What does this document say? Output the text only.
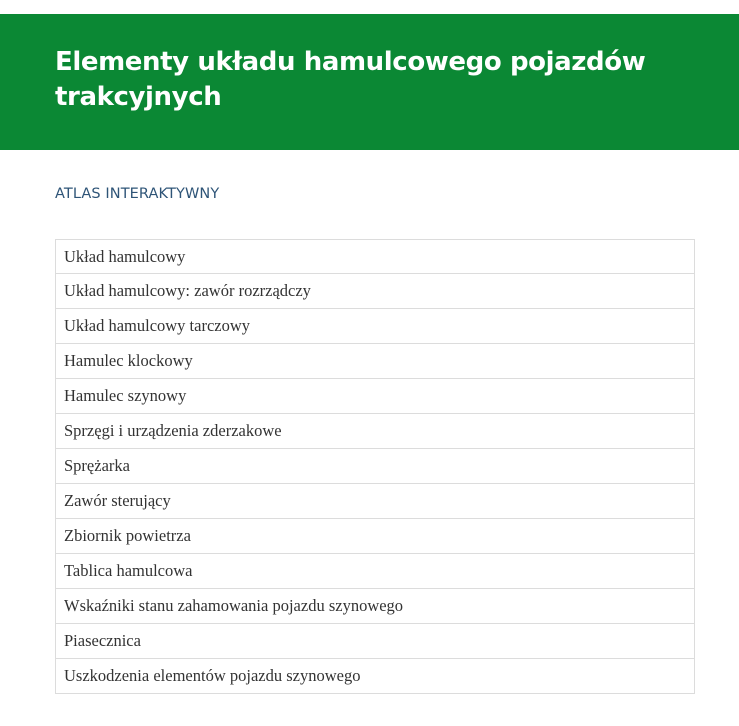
Elementy układu hamulcowego pojazdów trakcyjnych
ATLAS INTERAKTYWNY
Układ hamulcowy
Układ hamulcowy: zawór rozrządczy
Układ hamulcowy tarczowy
Hamulec klockowy
Hamulec szynowy
Sprzęgi i urządzenia zderzakowe
Sprężarka
Zawór sterujący
Zbiornik powietrza
Tablica hamulcowa
Wskaźniki stanu zahamowania pojazdu szynowego
Piasecznica
Uszkodzenia elementów pojazdu szynowego
